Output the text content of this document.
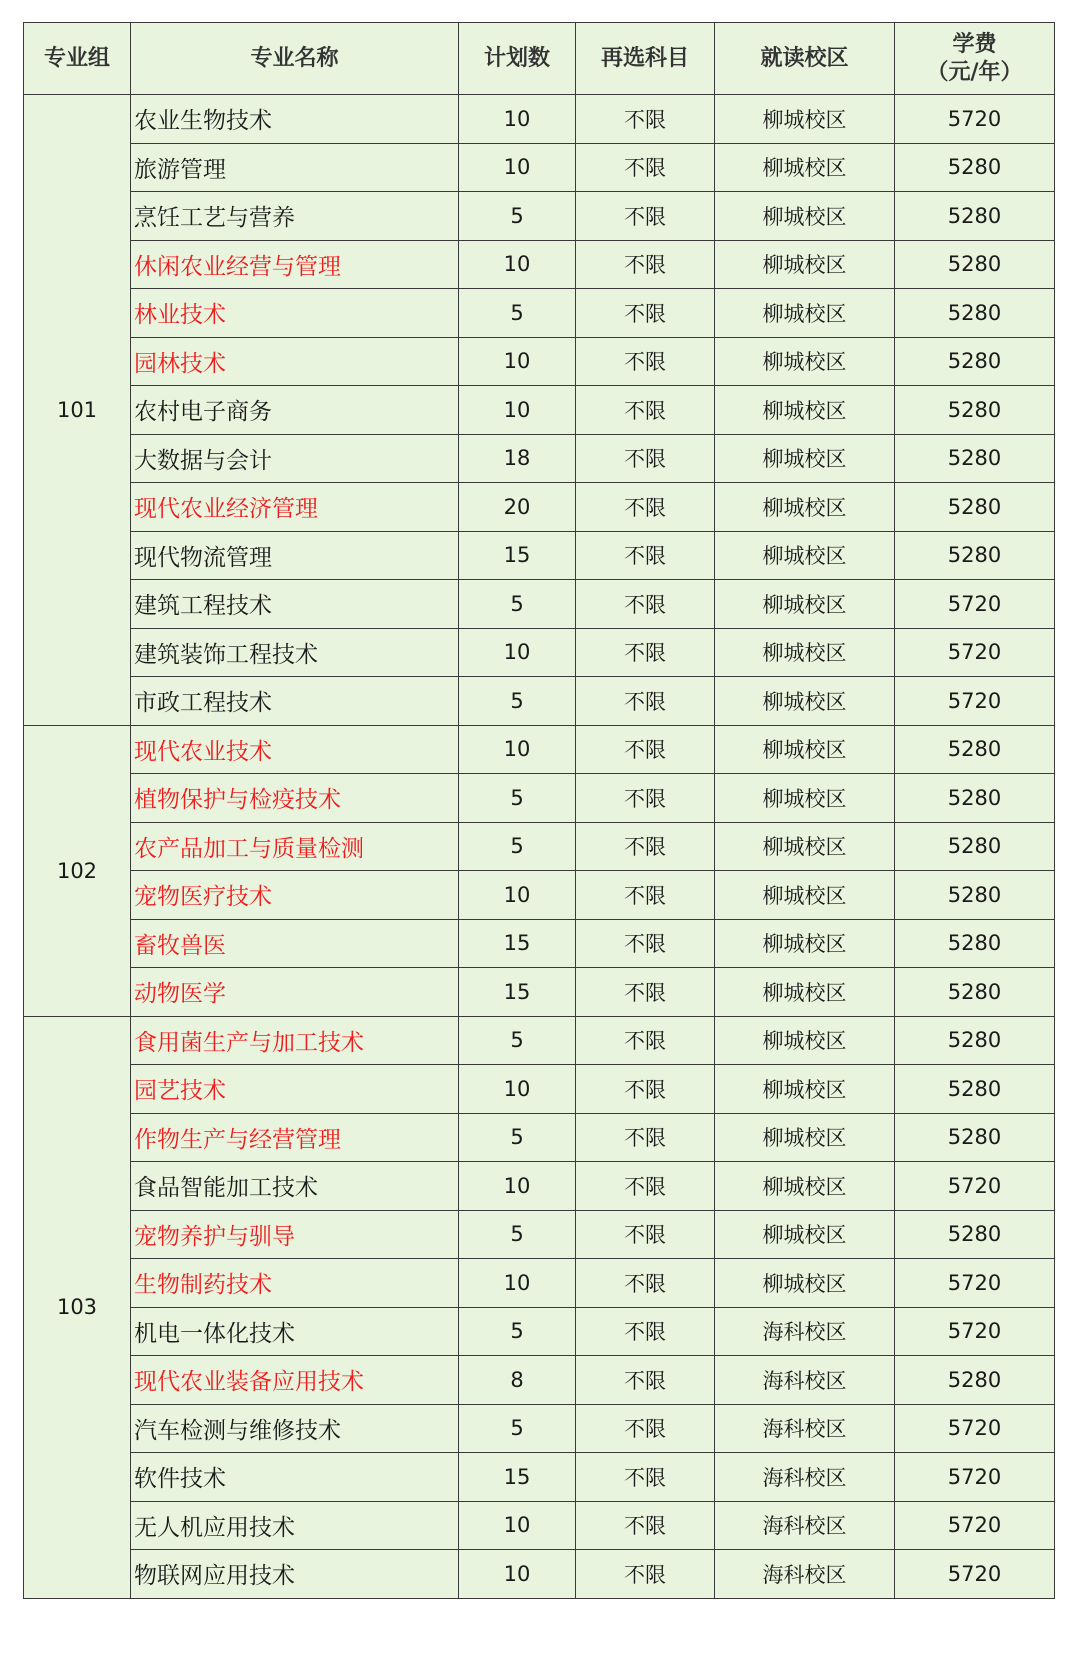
专业组	专业名称	计划数	再选科目	就读校区	学费
（元/年）

101	农业生物技术	10	不限	柳城校区	5720
	旅游管理	10	不限	柳城校区	5280
	烹饪工艺与营养	5	不限	柳城校区	5280
	休闲农业经营与管理	10	不限	柳城校区	5280
	林业技术	5	不限	柳城校区	5280
	园林技术	10	不限	柳城校区	5280
	农村电子商务	10	不限	柳城校区	5280
	大数据与会计	18	不限	柳城校区	5280
	现代农业经济管理	20	不限	柳城校区	5280
	现代物流管理	15	不限	柳城校区	5280
	建筑工程技术	5	不限	柳城校区	5720
	建筑装饰工程技术	10	不限	柳城校区	5720
	市政工程技术	5	不限	柳城校区	5720
102	现代农业技术	10	不限	柳城校区	5280
	植物保护与检疫技术	5	不限	柳城校区	5280
	农产品加工与质量检测	5	不限	柳城校区	5280
	宠物医疗技术	10	不限	柳城校区	5280
	畜牧兽医	15	不限	柳城校区	5280
	动物医学	15	不限	柳城校区	5280
103	食用菌生产与加工技术	5	不限	柳城校区	5280
	园艺技术	10	不限	柳城校区	5280
	作物生产与经营管理	5	不限	柳城校区	5280
	食品智能加工技术	10	不限	柳城校区	5720
	宠物养护与驯导	5	不限	柳城校区	5280
	生物制药技术	10	不限	柳城校区	5720
	机电一体化技术	5	不限	海科校区	5720
	现代农业装备应用技术	8	不限	海科校区	5280
	汽车检测与维修技术	5	不限	海科校区	5720
	软件技术	15	不限	海科校区	5720
	无人机应用技术	10	不限	海科校区	5720
	物联网应用技术	10	不限	海科校区	5720
